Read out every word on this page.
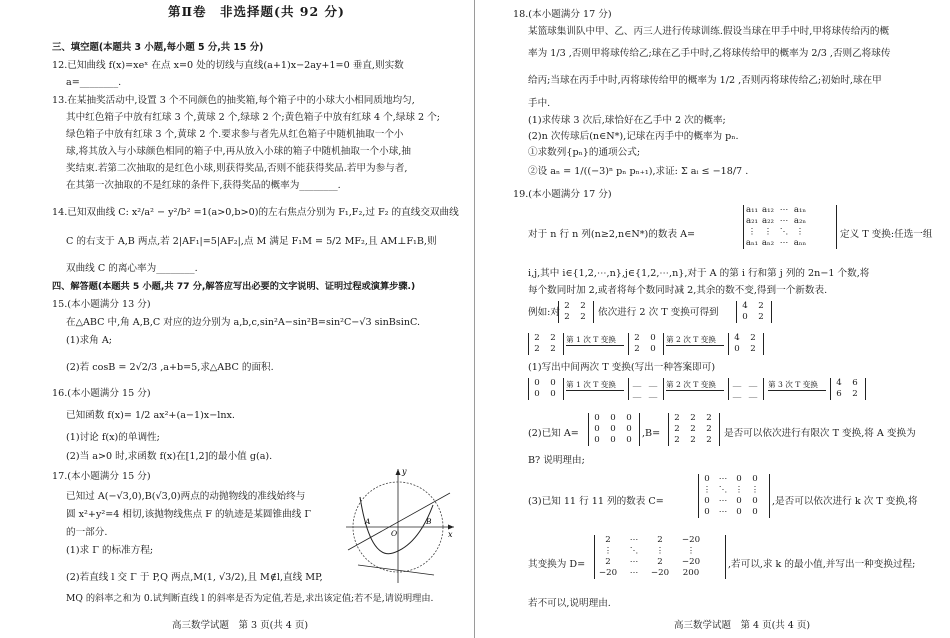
第Ⅱ卷　非选择题(共 92 分)
三、填空题(本题共 3 小题,每小题 5 分,共 15 分)
12.已知曲线 f(x)=xeˣ 在点 x=0 处的切线与直线(a+1)x−2ay+1=0 垂直,则实数
a=________.
13.在某抽奖活动中,设置 3 个不同颜色的抽奖箱,每个箱子中的小球大小相同质地均匀,
其中红色箱子中放有红球 3 个,黄球 2 个,绿球 2 个;黄色箱子中放有红球 4 个,绿球 2 个;
绿色箱子中放有红球 3 个,黄球 2 个.要求参与者先从红色箱子中随机抽取一个小
球,将其放入与小球颜色相同的箱子中,再从放入小球的箱子中随机抽取一个小球,抽
奖结束.若第二次抽取的是红色小球,则获得奖品,否则不能获得奖品.若甲为参与者,
在其第一次抽取的不是红球的条件下,获得奖品的概率为________.
14.已知双曲线 C: x²/a² − y²/b² =1(a>0,b>0)的左右焦点分别为 F₁,F₂,过 F₂ 的直线交双曲线
C 的右支于 A,B 两点,若 2|AF₁|=5|AF₂|,点 M 满足 F₁M = 5/2 MF₂,且 AM⊥F₁B,则
双曲线 C 的离心率为________.
四、解答题(本题共 5 小题,共 77 分,解答应写出必要的文字说明、证明过程或演算步骤.)
15.(本小题满分 13 分)
在△ABC 中,角 A,B,C 对应的边分别为 a,b,c,sin²A−sin²B=sin²C−√3 sinBsinC.
(1)求角 A;
(2)若 cosB = 2√2/3 ,a+b=5,求△ABC 的面积.
16.(本小题满分 15 分)
已知函数 f(x)= 1/2 ax²+(a−1)x−lnx.
(1)讨论 f(x)的单调性;
(2)当 a>0 时,求函数 f(x)在[1,2]的最小值 g(a).
17.(本小题满分 15 分)
已知过 A(−√3,0),B(√3,0)两点的动抛物线的准线始终与
圆 x²+y²=4 相切,该抛物线焦点 F 的轨迹是某圆锥曲线 Γ
的一部分.
(1)求 Γ 的标准方程;
(2)若直线 l 交 Γ 于 P,Q 两点,M(1, √3/2),且 M∉l,直线 MP,
MQ 的斜率之和为 0.试判断直线 l 的斜率是否为定值,若是,求出该定值;若不是,请说明理由.
y
x
O
A	B
高三数学试题　第 3 页(共 4 页)
18.(本小题满分 17 分)
某篮球集训队中甲、乙、丙三人进行传球训练.假设当球在甲手中时,甲将球传给丙的概
率为 1/3 ,否则甲将球传给乙;球在乙手中时,乙将球传给甲的概率为 2/3 ,否则乙将球传
给丙;当球在丙手中时,丙将球传给甲的概率为 1/2 ,否则丙将球传给乙;初始时,球在甲
手中.
(1)求传球 3 次后,球恰好在乙手中 2 次的概率;
(2)n 次传球后(n∈N*),记球在丙手中的概率为 pₙ.
①求数列{pₙ}的通项公式;
②设 aₙ = 1/((−3)ⁿ pₙ pₙ₊₁),求证: Σ aᵢ ≤ −18/7 .
19.(本小题满分 17 分)
对于 n 行 n 列(n≥2,n∈N*)的数表 A=
a₁₁ a₁₂ ⋯ a₁ₙ
a₂₁ a₂₂ ⋯ a₂ₙ
⋮ ⋮ ⋱ ⋮
aₙ₁ aₙ₂ ⋯ aₙₙ
定义 T 变换:任选一组
i,j,其中 i∈{1,2,⋯,n},j∈{1,2,⋯,n},对于 A 的第 i 行和第 j 列的 2n−1 个数,将
每个数同时加 2,或者将每个数同时减 2,其余的数不变,得到一个新数表.
例如:对
2	2
2	2	依次进行 2 次 T 变换可得到
4	2
0	2
2	2
2	2
第 1 次 T 变换	2	0
2	0
第 2 次 T 变换	4	2
0	2
(1)写出中间两次 T 变换(写出一种答案即可)
0	0
0	0
第 1 次 T 变换	__ __
__ __
第 2 次 T 变换	__ __
__ __
第 3 次 T 变换	4	6
6	2
(2)已知 A=
0	0	0
0	0	0
0	0	0
,B=
2	2	2
2	2	2
2	2	2
是否可以依次进行有限次 T 变换,将 A 变换为
B? 说明理由;
(3)已知 11 行 11 列的数表 C=
0	⋯	0	0
⋮ ⋱ ⋮ ⋮
0	⋯	0	0
0	⋯	0	0
,是否可以依次进行 k 次 T 变换,将
其变换为 D=
2	⋯	2	−20
⋮	⋱	⋮	⋮
2	⋯	2	−20
−20	⋯	−20	200
,若可以,求 k 的最小值,并写出一种变换过程;
若不可以,说明理由.
高三数学试题　第 4 页(共 4 页)
